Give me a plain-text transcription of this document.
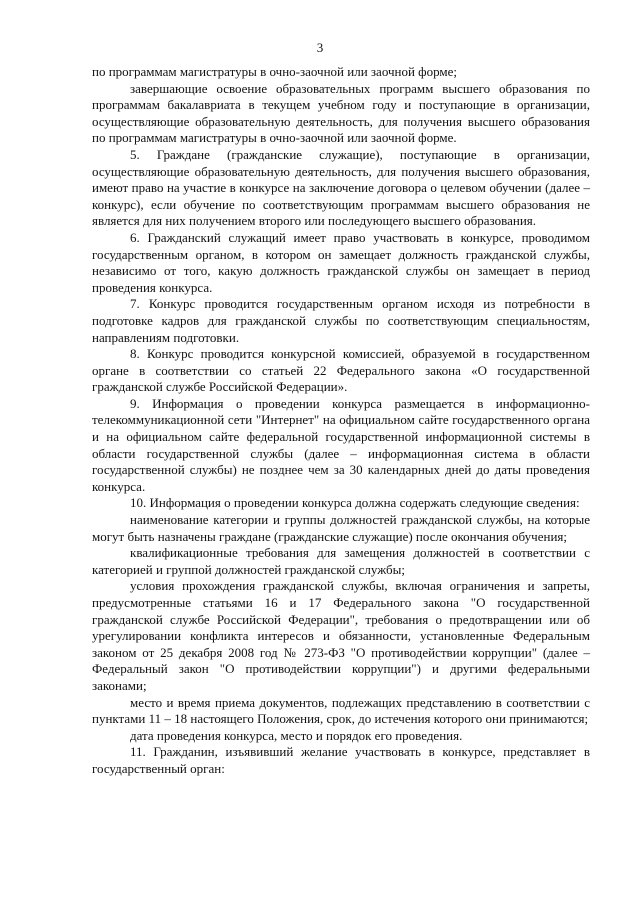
3

по программам магистратуры в очно-заочной или заочной форме;

завершающие освоение образовательных программ высшего образования по программам бакалавриата в текущем учебном году и поступающие в организации, осуществляющие образовательную деятельность, для получения высшего образования по программам магистратуры в очно-заочной или заочной форме.

5. Граждане (гражданские служащие), поступающие в организации, осуществляющие образовательную деятельность, для получения высшего образования, имеют право на участие в конкурсе на заключение договора о целевом обучении (далее – конкурс), если обучение по соответствующим программам высшего образования не является для них получением второго или последующего высшего образования.

6. Гражданский служащий имеет право участвовать в конкурсе, проводимом государственным органом, в котором он замещает должность гражданской службы, независимо от того, какую должность гражданской службы он замещает в период проведения конкурса.

7. Конкурс проводится государственным органом исходя из потребности в подготовке кадров для гражданской службы по соответствующим специальностям, направлениям подготовки.

8. Конкурс проводится конкурсной комиссией, образуемой в государственном органе в соответствии со статьей 22 Федерального закона «О государственной гражданской службе Российской Федерации».

9. Информация о проведении конкурса размещается в информационно-телекоммуникационной сети "Интернет" на официальном сайте государственного органа и на официальном сайте федеральной государственной информационной системы в области государственной службы (далее – информационная система в области государственной службы) не позднее чем за 30 календарных дней до даты проведения конкурса.

10. Информация о проведении конкурса должна содержать следующие сведения:

наименование категории и группы должностей гражданской службы, на которые могут быть назначены граждане (гражданские служащие) после окончания обучения;

квалификационные требования для замещения должностей в соответствии с категорией и группой должностей гражданской службы;

условия прохождения гражданской службы, включая ограничения и запреты, предусмотренные статьями 16 и 17 Федерального закона "О государственной гражданской службе Российской Федерации", требования о предотвращении или об урегулировании конфликта интересов и обязанности, установленные Федеральным законом от 25 декабря 2008 год № 273-ФЗ "О противодействии коррупции" (далее – Федеральный закон "О противодействии коррупции") и другими федеральными законами;

место и время приема документов, подлежащих представлению в соответствии с пунктами 11 – 18 настоящего Положения, срок, до истечения которого они принимаются;

дата проведения конкурса, место и порядок его проведения.

11. Гражданин, изъявивший желание участвовать в конкурсе, представляет в государственный орган:
